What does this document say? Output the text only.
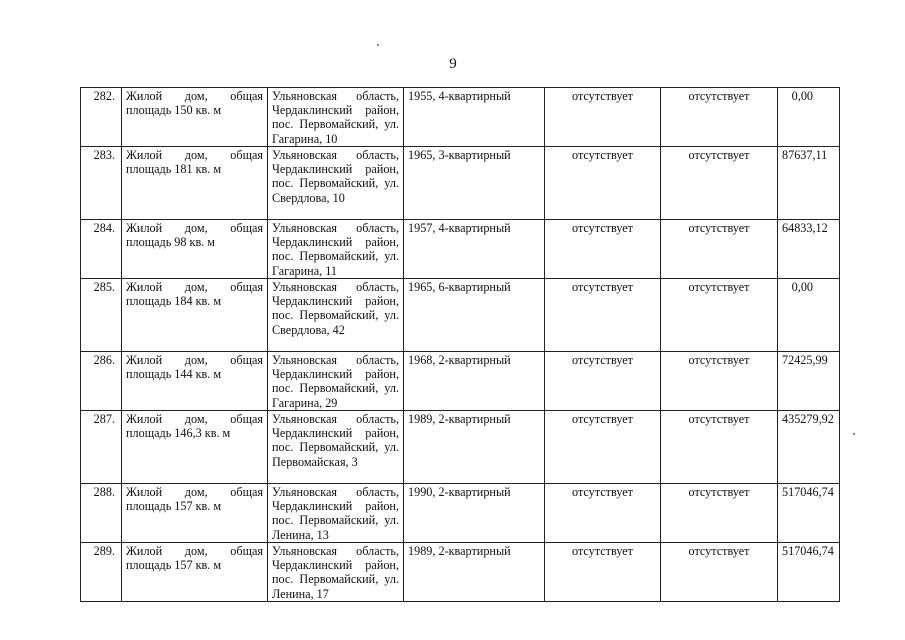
9
282.	Жилой дом, общая площадь 150 кв. м	Ульяновская область, Чердаклинский район, пос. Первомайский, ул. Гагарина, 10	1955, 4-квартирный	отсутствует	отсутствует	0,00
283.	Жилой дом, общая площадь 181 кв. м	Ульяновская область, Чердаклинский район, пос. Первомайский, ул. Свердлова, 10	1965, 3-квартирный	отсутствует	отсутствует	87637,11
284.	Жилой дом, общая площадь 98 кв. м	Ульяновская область, Чердаклинский район, пос. Первомайский, ул. Гагарина, 11	1957, 4-квартирный	отсутствует	отсутствует	64833,12
285.	Жилой дом, общая площадь 184 кв. м	Ульяновская область, Чердаклинский район, пос. Первомайский, ул. Свердлова, 42	1965, 6-квартирный	отсутствует	отсутствует	0,00
286.	Жилой дом, общая площадь 144 кв. м	Ульяновская область, Чердаклинский район, пос. Первомайский, ул. Гагарина, 29	1968, 2-квартирный	отсутствует	отсутствует	72425,99
287.	Жилой дом, общая площадь 146,3 кв. м	Ульяновская область, Чердаклинский район, пос. Первомайский, ул. Первомайская, 3	1989, 2-квартирный	отсутствует	отсутствует	435279,92
288.	Жилой дом, общая площадь 157 кв. м	Ульяновская область, Чердаклинский район, пос. Первомайский, ул. Ленина, 13	1990, 2-квартирный	отсутствует	отсутствует	517046,74
289.	Жилой дом, общая площадь 157 кв. м	Ульяновская область, Чердаклинский район, пос. Первомайский, ул. Ленина, 17	1989, 2-квартирный	отсутствует	отсутствует	517046,74
